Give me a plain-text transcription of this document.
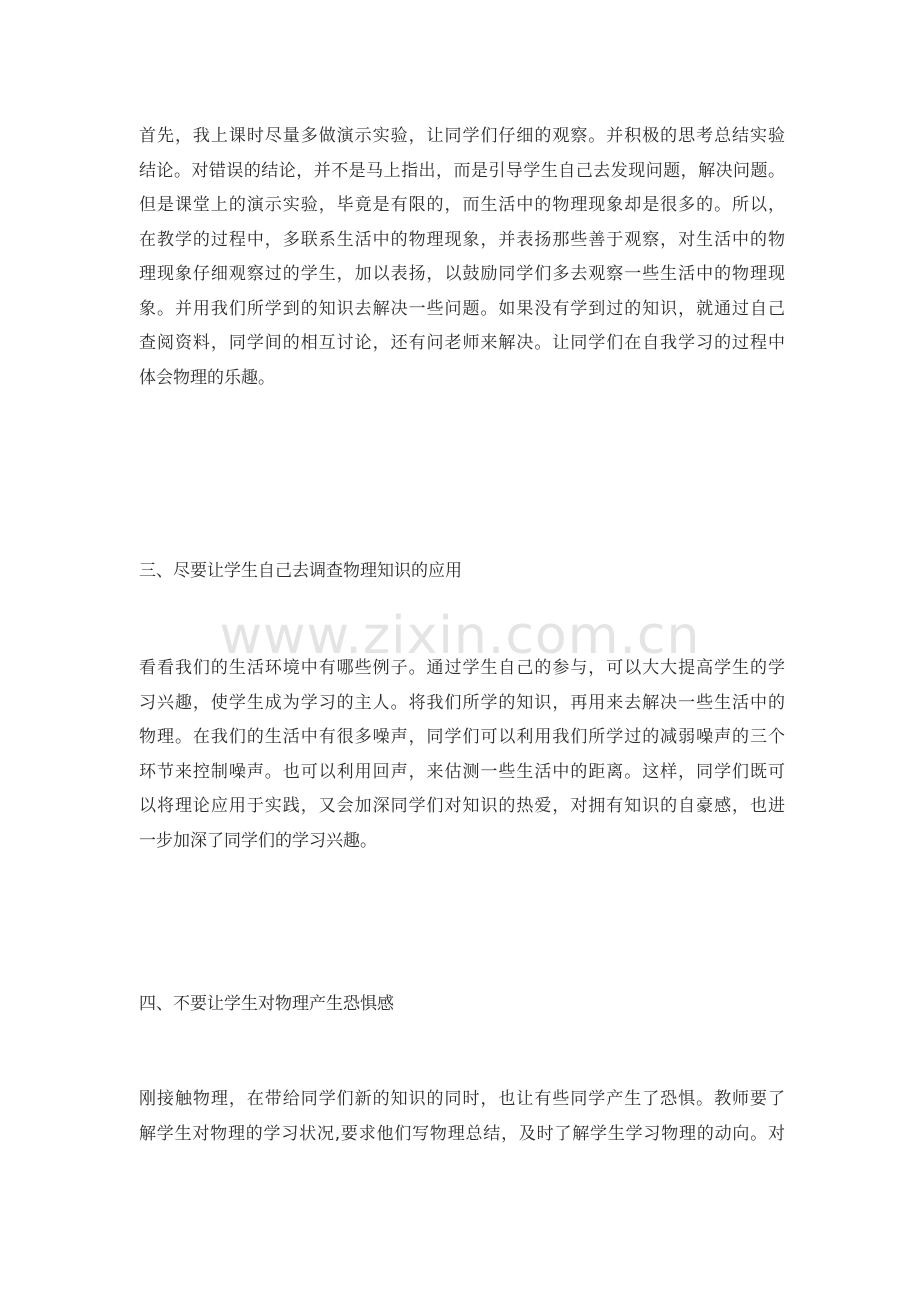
首先，我上课时尽量多做演示实验，让同学们仔细的观察。并积极的思考总结实验
结论。对错误的结论，并不是马上指出，而是引导学生自己去发现问题，解决问题。
但是课堂上的演示实验，毕竟是有限的，而生活中的物理现象却是很多的。所以，
在教学的过程中，多联系生活中的物理现象，并表扬那些善于观察，对生活中的物
理现象仔细观察过的学生，加以表扬，以鼓励同学们多去观察一些生活中的物理现
象。并用我们所学到的知识去解决一些问题。如果没有学到过的知识，就通过自己
查阅资料，同学间的相互讨论，还有问老师来解决。让同学们在自我学习的过程中
体会物理的乐趣。
三、尽要让学生自己去调查物理知识的应用
看看我们的生活环境中有哪些例子。通过学生自己的参与，可以大大提高学生的学
习兴趣，使学生成为学习的主人。将我们所学的知识，再用来去解决一些生活中的
物理。在我们的生活中有很多噪声，同学们可以利用我们所学过的减弱噪声的三个
环节来控制噪声。也可以利用回声，来估测一些生活中的距离。这样，同学们既可
以将理论应用于实践，又会加深同学们对知识的热爱，对拥有知识的自豪感，也进
一步加深了同学们的学习兴趣。
四、不要让学生对物理产生恐惧感
刚接触物理，在带给同学们新的知识的同时，也让有些同学产生了恐惧。教师要了
解学生对物理的学习状况,要求他们写物理总结，及时了解学生学习物理的动向。对
www.zixin.com.cn
